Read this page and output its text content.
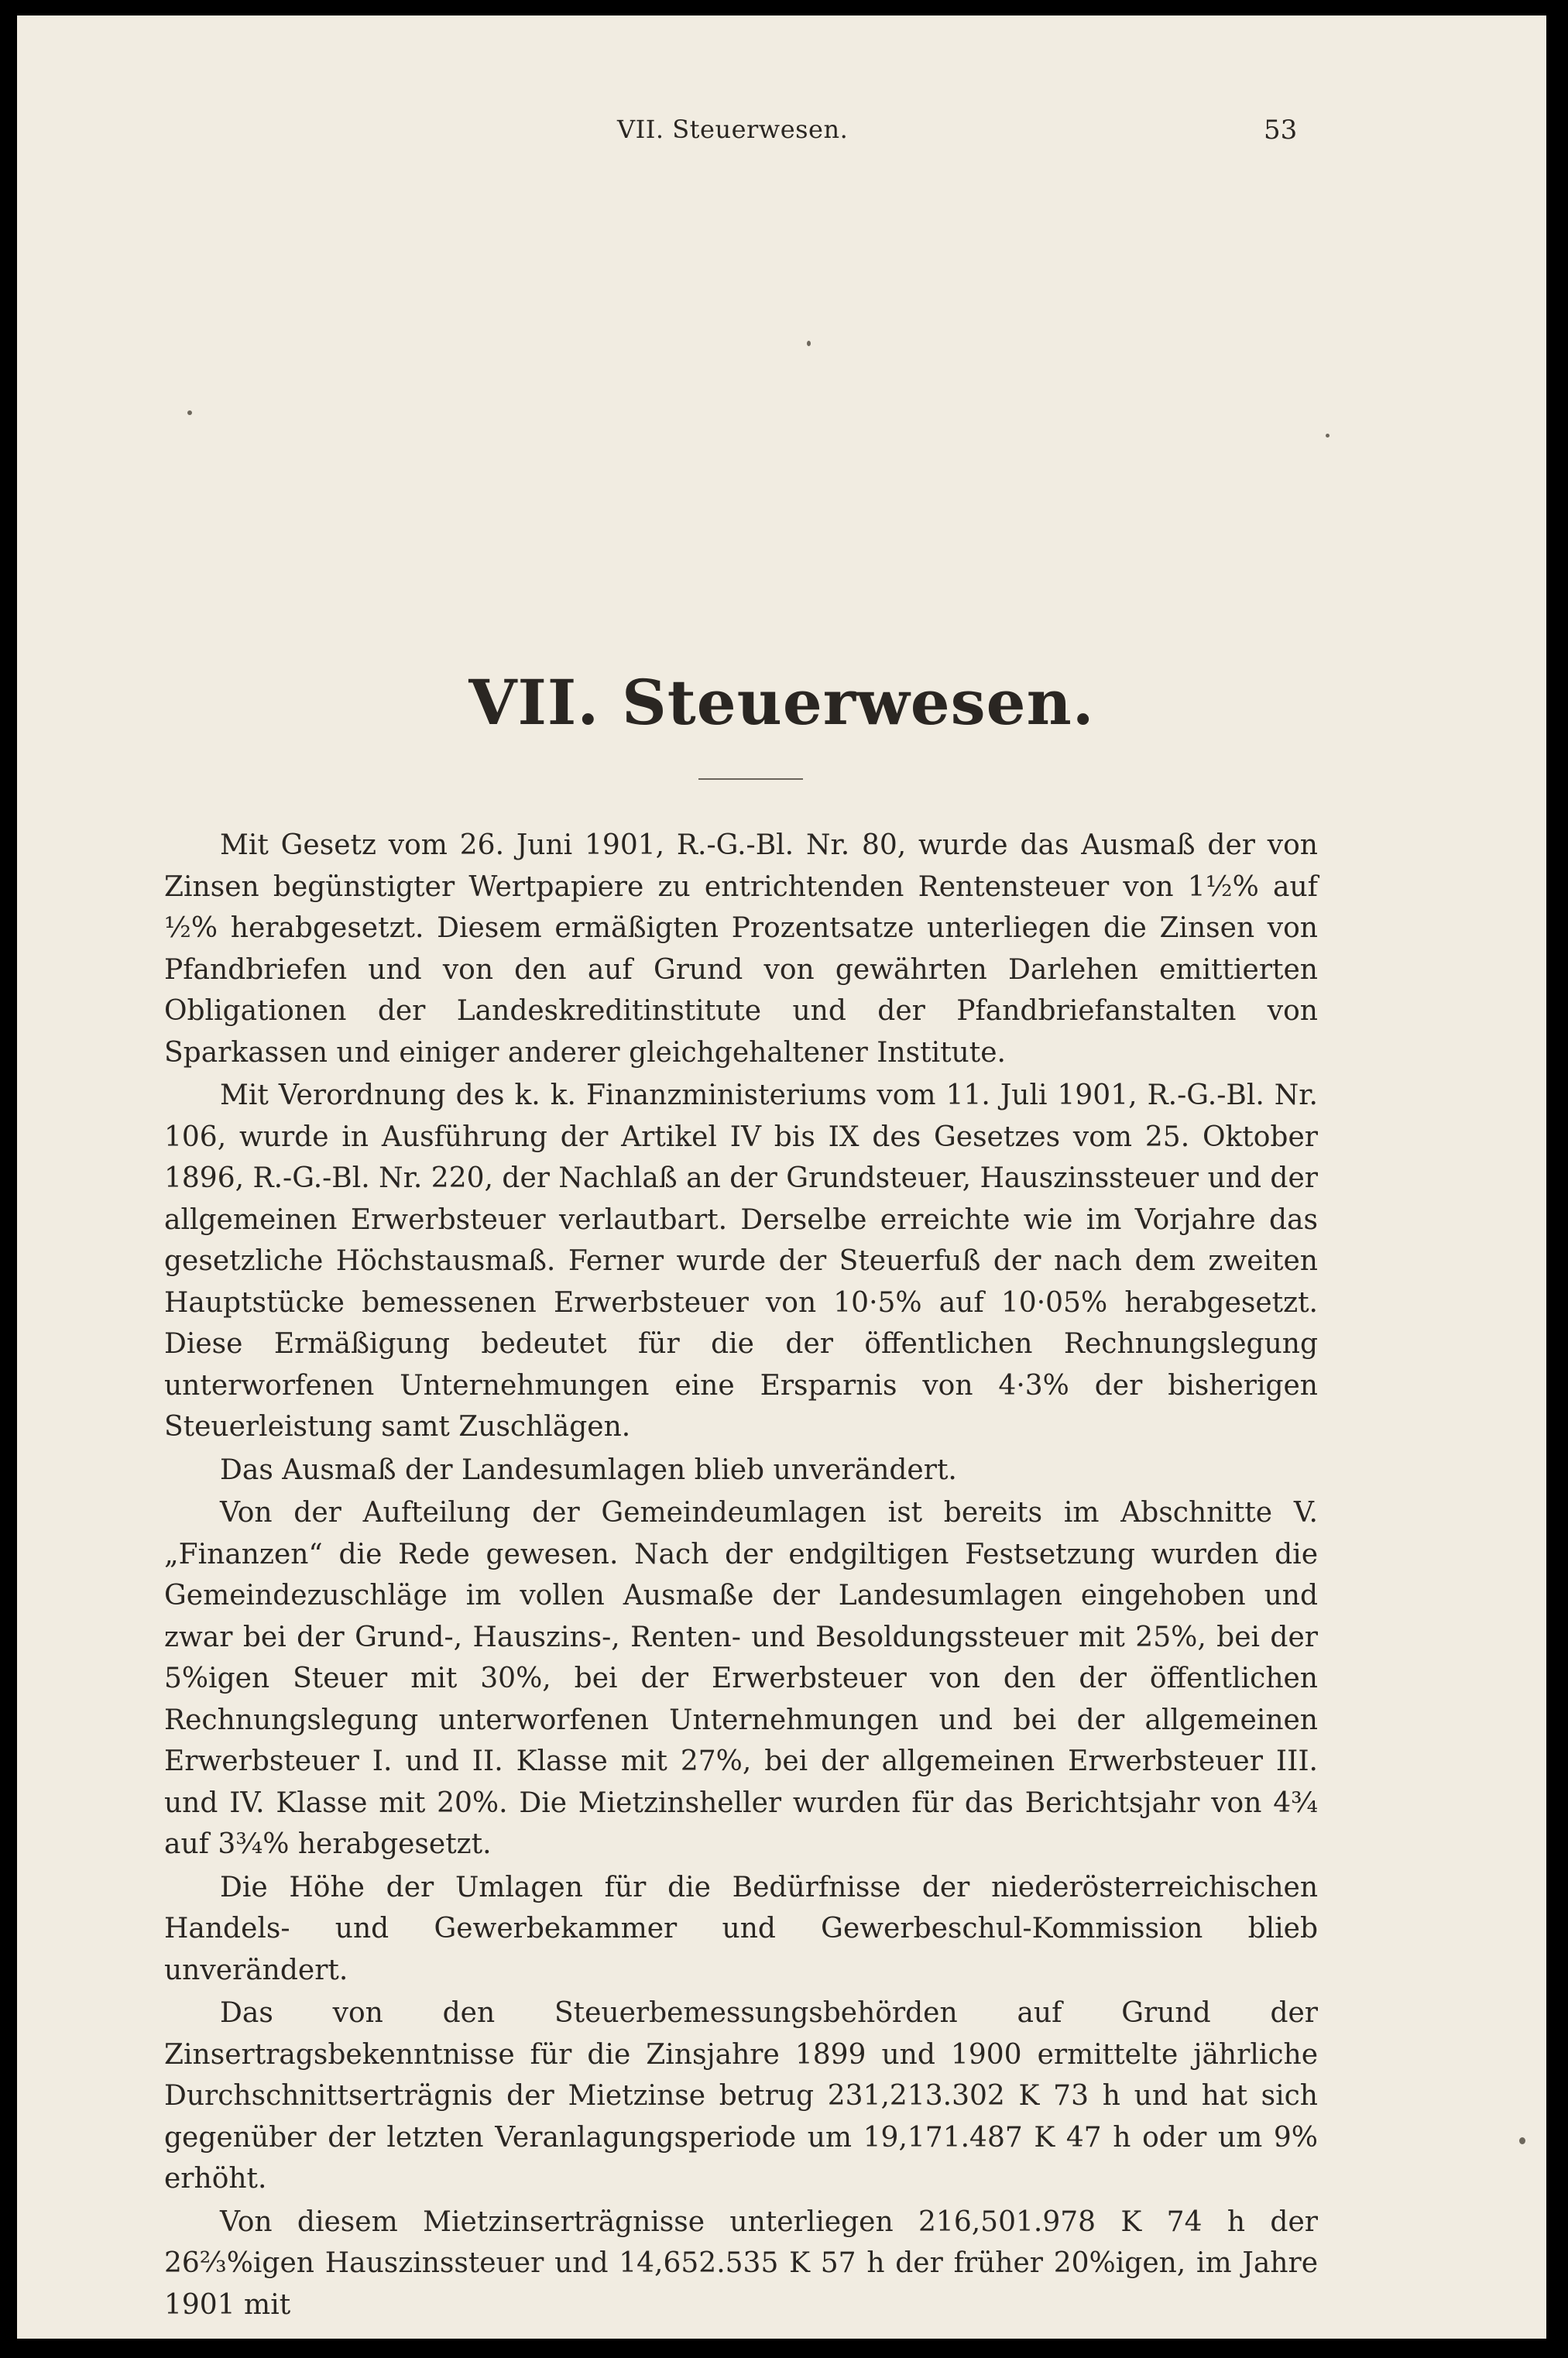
VII. Steuerwesen.	53
VII. Steuerwesen.

Mit Gesetz vom 26. Juni 1901, R.-G.-Bl. Nr. 80, wurde das Ausmaß der von Zinsen begünstigter Wertpapiere zu entrichtenden Rentensteuer von 1½% auf ½% herabgesetzt. Diesem ermäßigten Prozentsatze unterliegen die Zinsen von Pfandbriefen und von den auf Grund von gewährten Darlehen emittierten Obligationen der Landeskreditinstitute und der Pfandbriefanstalten von Sparkassen und einiger anderer gleichgehaltener Institute.

Mit Verordnung des k. k. Finanzministeriums vom 11. Juli 1901, R.-G.-Bl. Nr. 106, wurde in Ausführung der Artikel IV bis IX des Gesetzes vom 25. Oktober 1896, R.-G.-Bl. Nr. 220, der Nachlaß an der Grundsteuer, Hauszinssteuer und der allgemeinen Erwerbsteuer verlautbart. Derselbe erreichte wie im Vorjahre das gesetzliche Höchstausmaß. Ferner wurde der Steuerfuß der nach dem zweiten Hauptstücke bemessenen Erwerbsteuer von 10·5% auf 10·05% herabgesetzt. Diese Ermäßigung bedeutet für die der öffentlichen Rechnungslegung unterworfenen Unternehmungen eine Ersparnis von 4·3% der bisherigen Steuerleistung samt Zuschlägen.

Das Ausmaß der Landesumlagen blieb unverändert.

Von der Aufteilung der Gemeindeumlagen ist bereits im Abschnitte V. „Finanzen“ die Rede gewesen. Nach der endgiltigen Festsetzung wurden die Gemeindezuschläge im vollen Ausmaße der Landesumlagen eingehoben und zwar bei der Grund-, Hauszins-, Renten- und Besoldungssteuer mit 25%, bei der 5%igen Steuer mit 30%, bei der Erwerbsteuer von den der öffentlichen Rechnungslegung unterworfenen Unternehmungen und bei der allgemeinen Erwerbsteuer I. und II. Klasse mit 27%, bei der allgemeinen Erwerbsteuer III. und IV. Klasse mit 20%. Die Mietzinsheller wurden für das Berichtsjahr von 4¾ auf 3¾% herabgesetzt.

Die Höhe der Umlagen für die Bedürfnisse der niederösterreichischen Handels- und Gewerbekammer und Gewerbeschul-Kommission blieb unverändert.

Das von den Steuerbemessungsbehörden auf Grund der Zinsertragsbekenntnisse für die Zinsjahre 1899 und 1900 ermittelte jährliche Durchschnittserträgnis der Mietzinse betrug 231,213.302 K 73 h und hat sich gegenüber der letzten Veranlagungsperiode um 19,171.487 K 47 h oder um 9% erhöht.

Von diesem Mietzinserträgnisse unterliegen 216,501.978 K 74 h der 26⅔%igen Hauszinssteuer und 14,652.535 K 57 h der früher 20%igen, im Jahre 1901 mit
